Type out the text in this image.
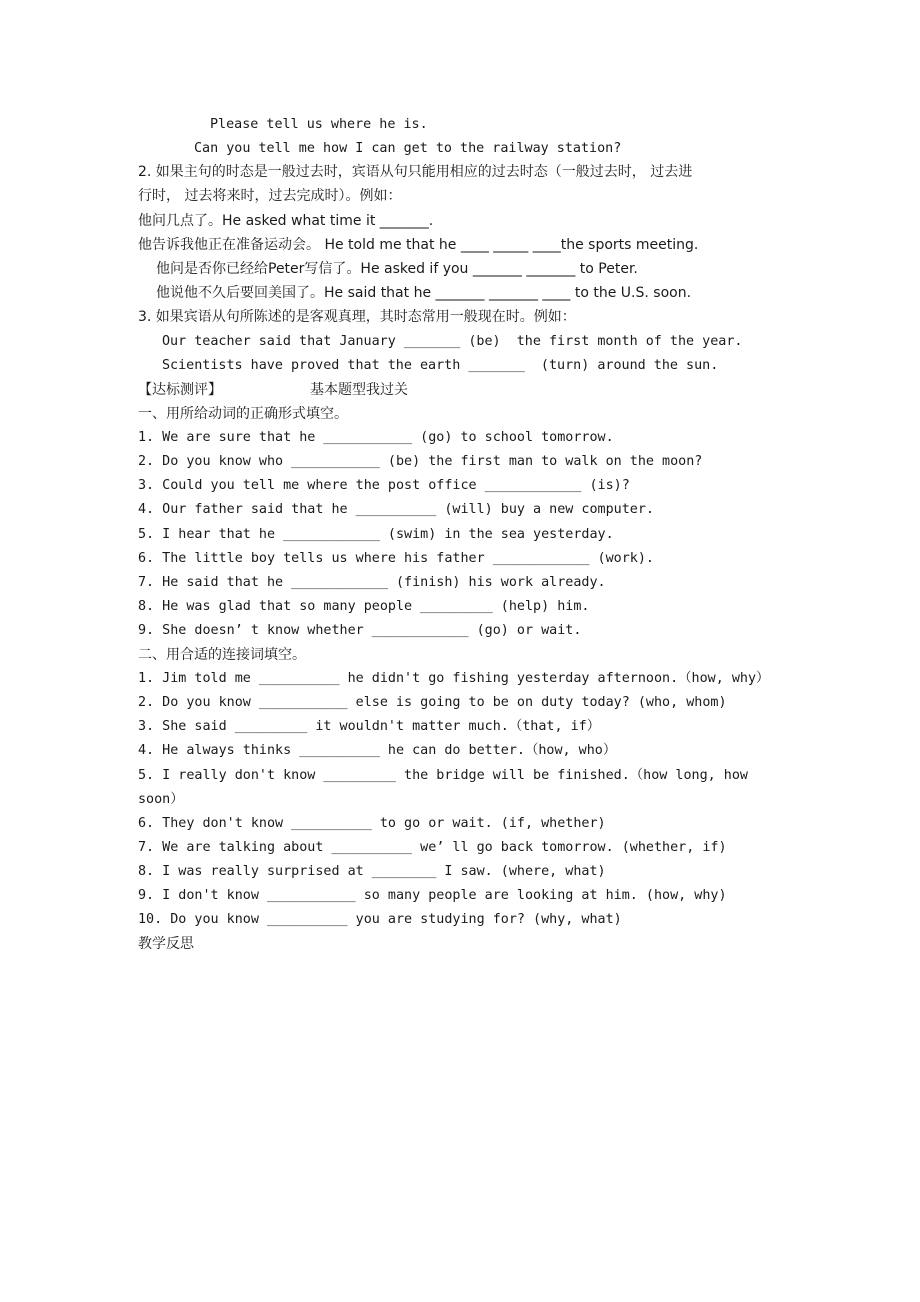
Please tell us where he is.
Can you tell me how I can get to the railway station?
2. 如果主句的时态是一般过去时，宾语从句只能用相应的过去时态（一般过去时， 过去进
行时， 过去将来时，过去完成时）。例如：
他问几点了。He asked what time it _______.
他告诉我他正在准备运动会。 He told me that he ____ _____ ____the sports meeting.
他问是否你已经给Peter写信了。He asked if you _______ _______ to Peter.
他说他不久后要回美国了。He said that he _______ _______ ____ to the U.S. soon.
3. 如果宾语从句所陈述的是客观真理，其时态常用一般现在时。例如：
Our teacher said that January _______ (be)  the first month of the year.
Scientists have proved that the earth _______  (turn) around the sun.
【达标测评】	基本题型我过关
一、用所给动词的正确形式填空。
1. We are sure that he ___________ (go) to school tomorrow.
2. Do you know who ___________ (be) the first man to walk on the moon?
3. Could you tell me where the post office ____________ (is)?
4. Our father said that he __________ (will) buy a new computer.
5. I hear that he ____________ (swim) in the sea yesterday.
6. The little boy tells us where his father ____________ (work).
7. He said that he ____________ (finish) his work already.
8. He was glad that so many people _________ (help) him.
9. She doesn’ t know whether ____________ (go) or wait.
二、用合适的连接词填空。
1. Jim told me __________ he didn't go fishing yesterday afternoon.（how, why）
2. Do you know ___________ else is going to be on duty today? (who, whom)
3. She said _________ it wouldn't matter much.（that, if）
4. He always thinks __________ he can do better.（how, who）
5. I really don't know _________ the bridge will be finished.（how long, how
soon）
6. They don't know __________ to go or wait. (if, whether)
7. We are talking about __________ we’ ll go back tomorrow. (whether, if)
8. I was really surprised at ________ I saw. (where, what)
9. I don't know ___________ so many people are looking at him. (how, why)
10. Do you know __________ you are studying for? (why, what)
教学反思
